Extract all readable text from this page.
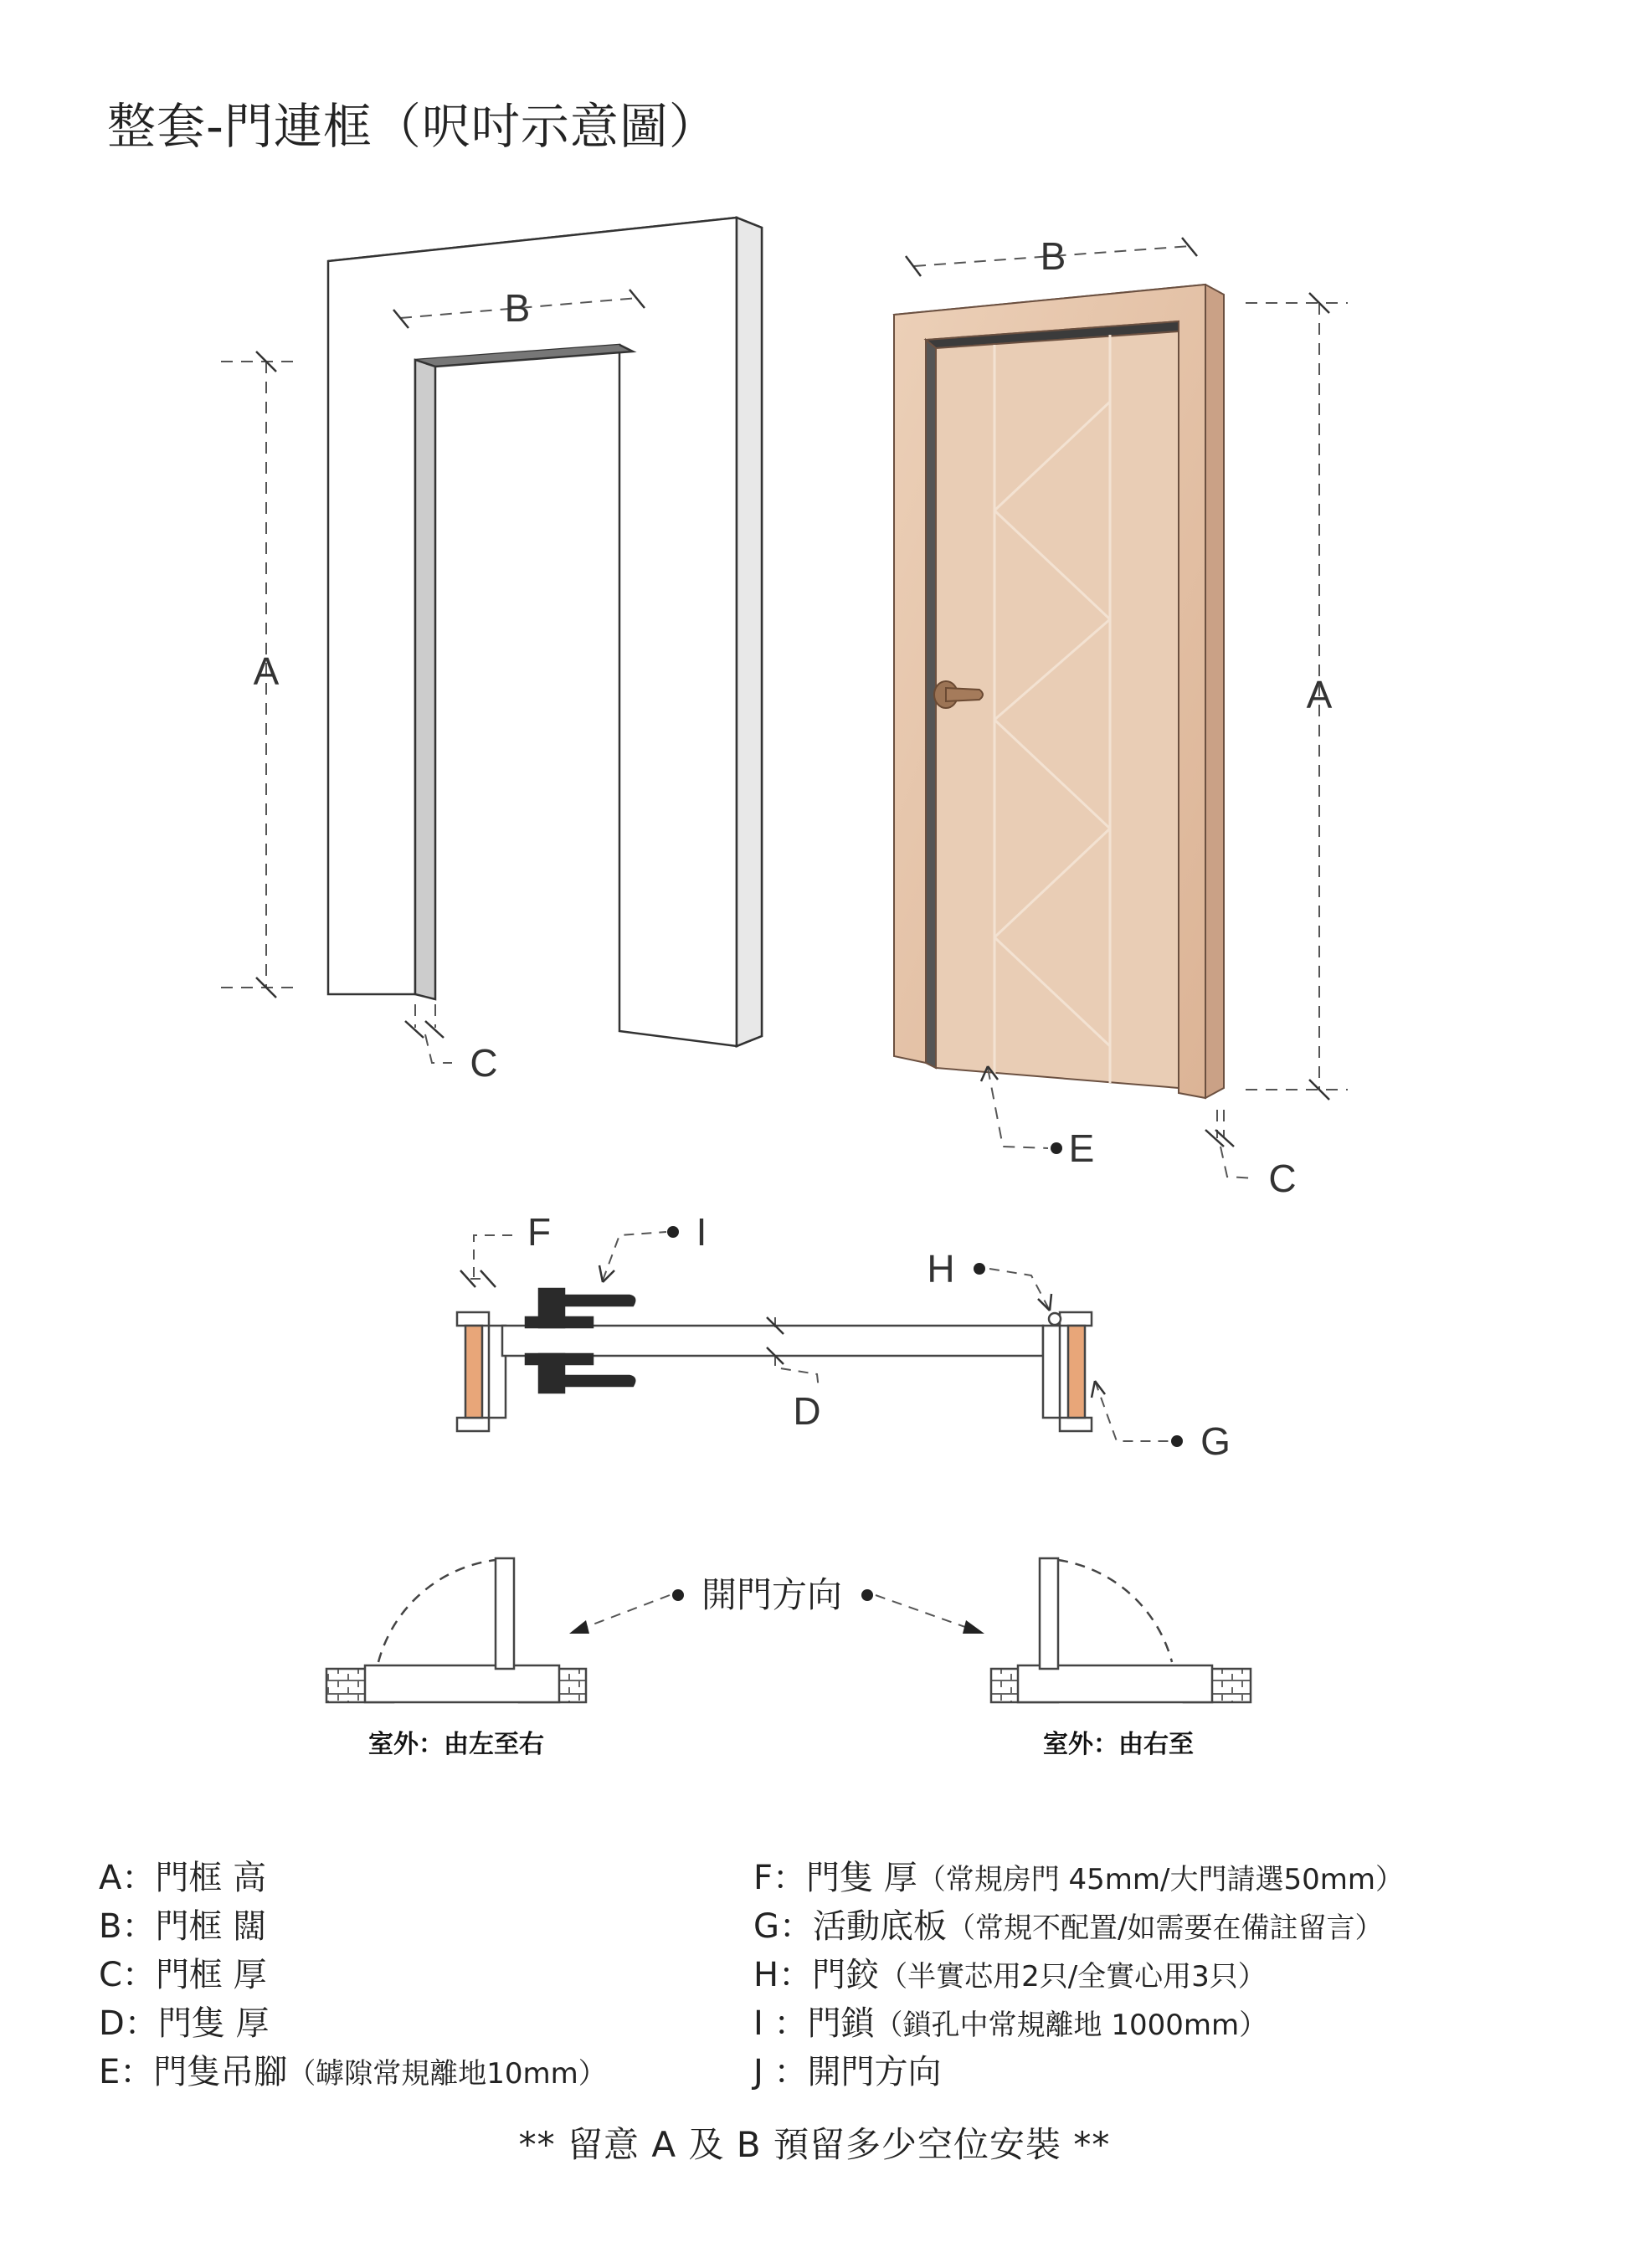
整套-門連框（呎吋示意圖）
B
A
C
B
A
E
C
F	I
H
D
G
開門方向
室外：由左至右	室外：由右至
A：門框 高
B：門框 闊
C：門框 厚
D：門隻 厚
E：門隻吊腳（罅隙常規離地10mm）
F：門隻 厚（常規房門 45mm/大門請選50mm）
G：活動底板（常規不配置/如需要在備註留言）
H：門鉸（半實芯用2只/全實心用3只）
I ：門鎖（鎖孔中常規離地 1000mm）
J ：開門方向
** 留意 A 及 B 預留多少空位安裝 **
